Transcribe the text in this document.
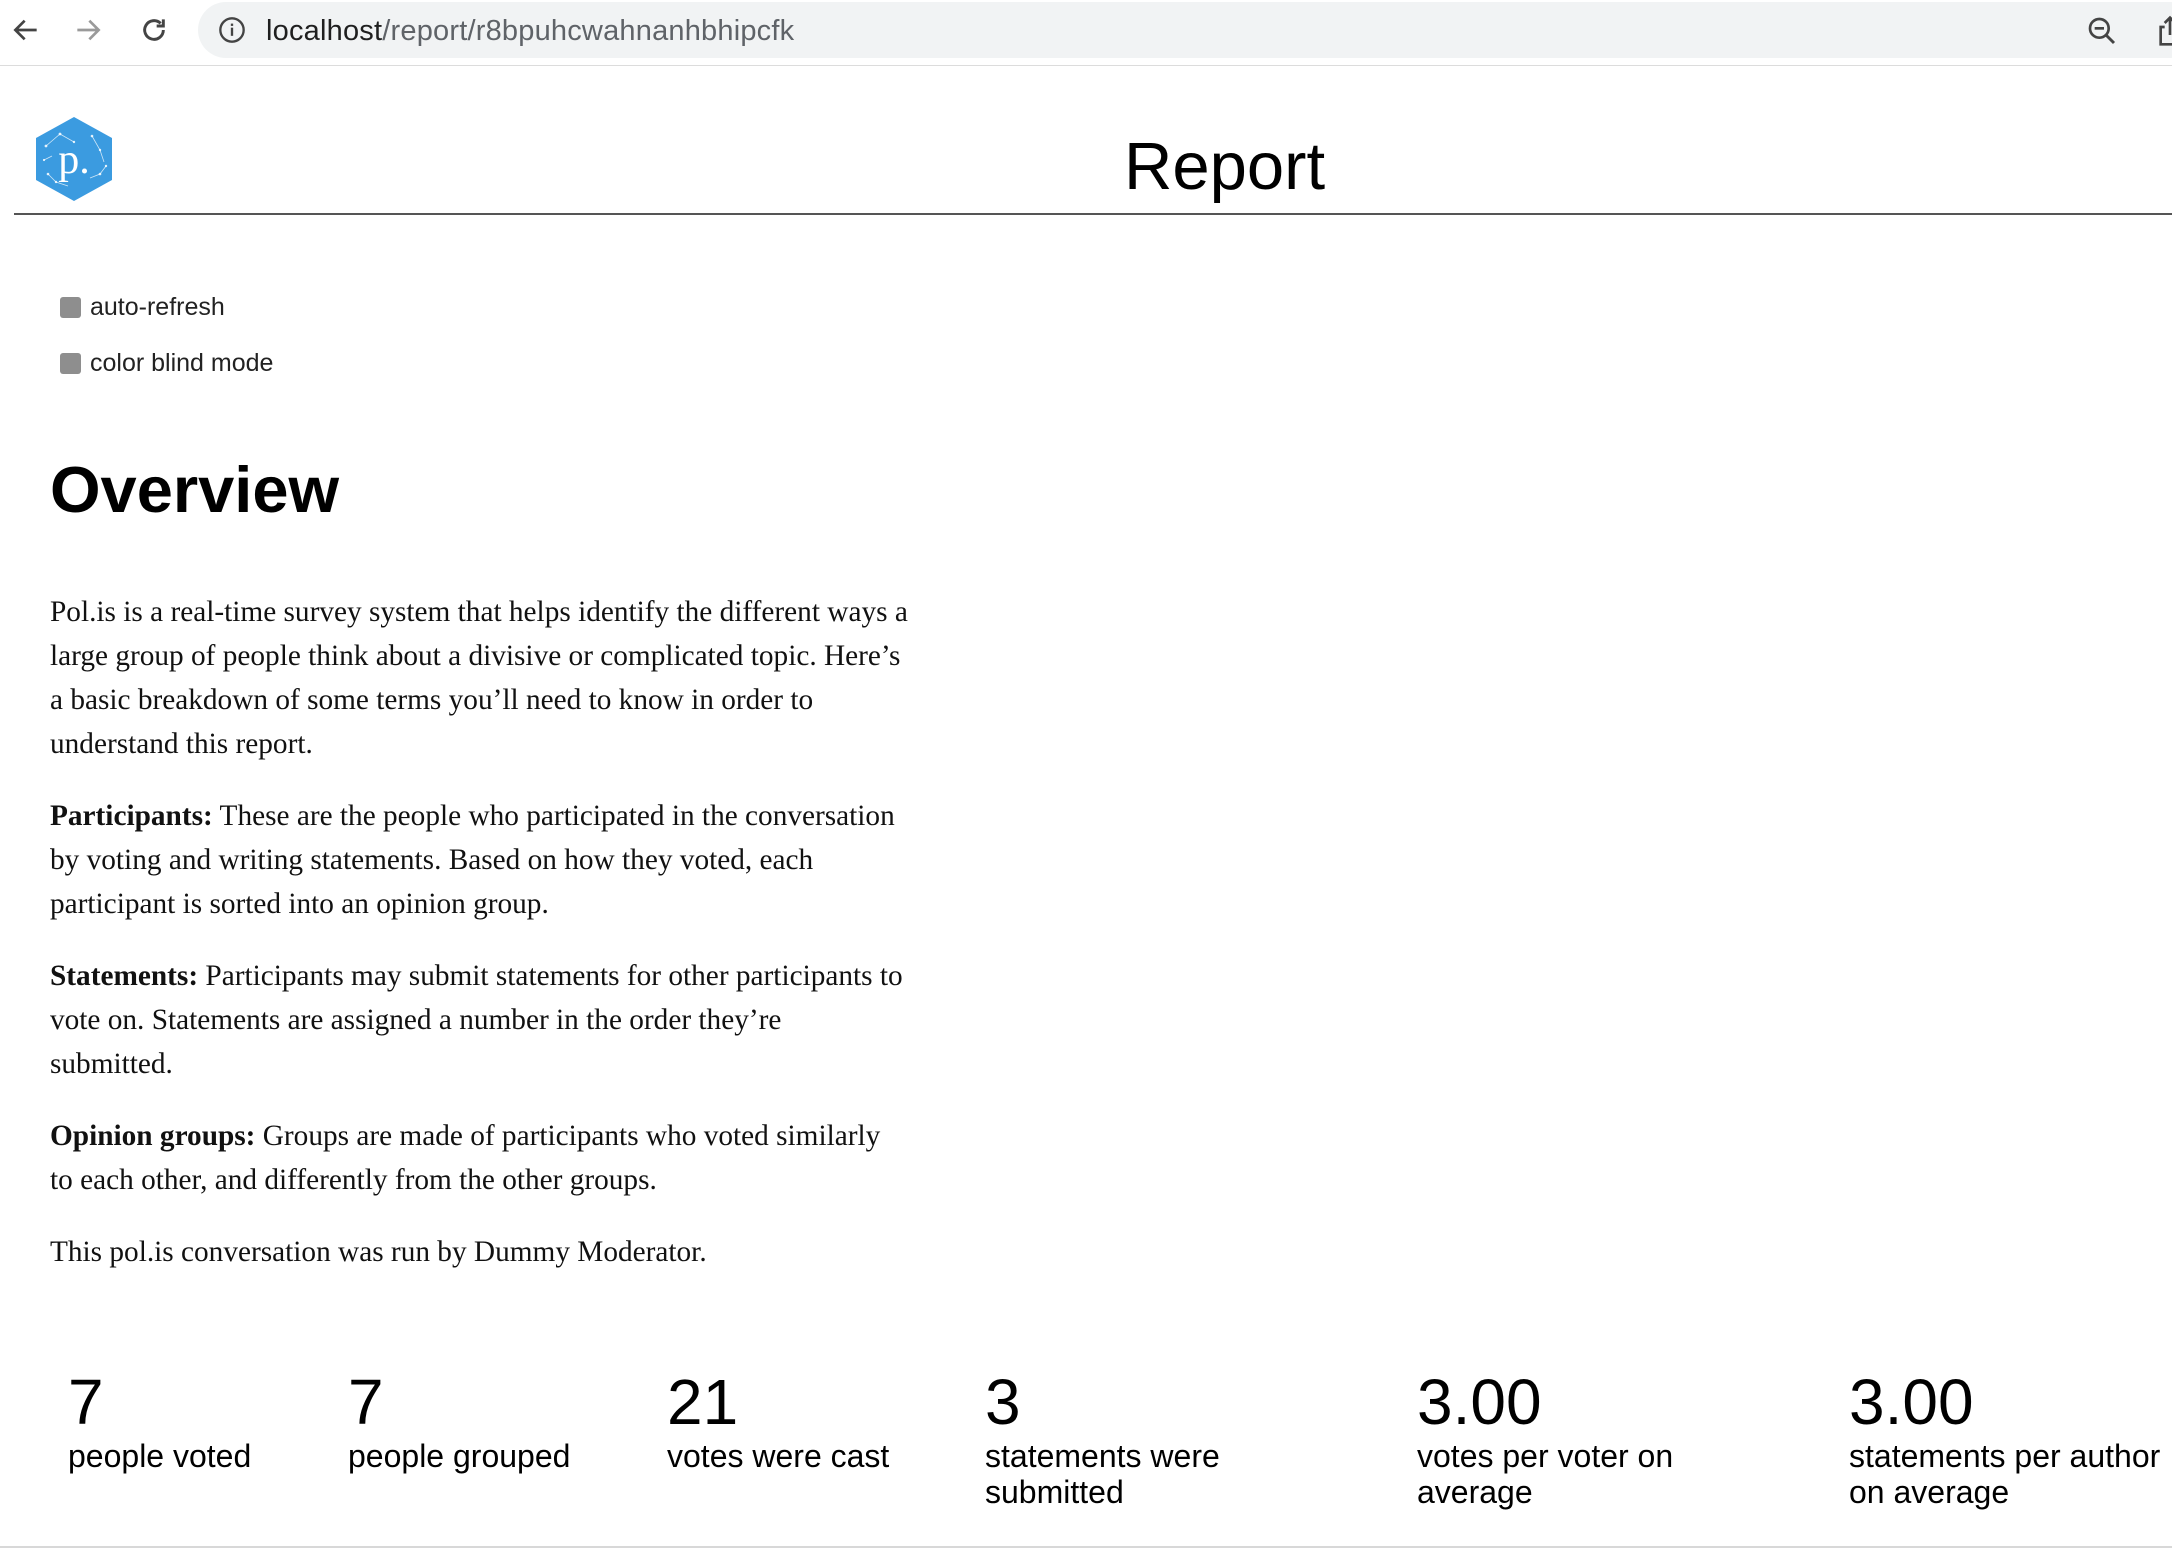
localhost/report/r8bpuhcwahnanhbhipcfk
p.	Report
auto-refresh
color blind mode
Overview

Pol.is is a real-time survey system that helps identify the different ways a large group of people think about a divisive or complicated topic. Here’s a basic breakdown of some terms you’ll need to know in order to understand this report.

Participants: These are the people who participated in the conversation by voting and writing statements. Based on how they voted, each participant is sorted into an opinion group.

Statements: Participants may submit statements for other participants to vote on. Statements are assigned a number in the order they’re submitted.

Opinion groups: Groups are made of participants who voted similarly to each other, and differently from the other groups.

This pol.is conversation was run by Dummy Moderator.

7
people voted
7
people grouped
21
votes were cast
3
statements were submitted
3.00
votes per voter on average
3.00
statements per author on average
